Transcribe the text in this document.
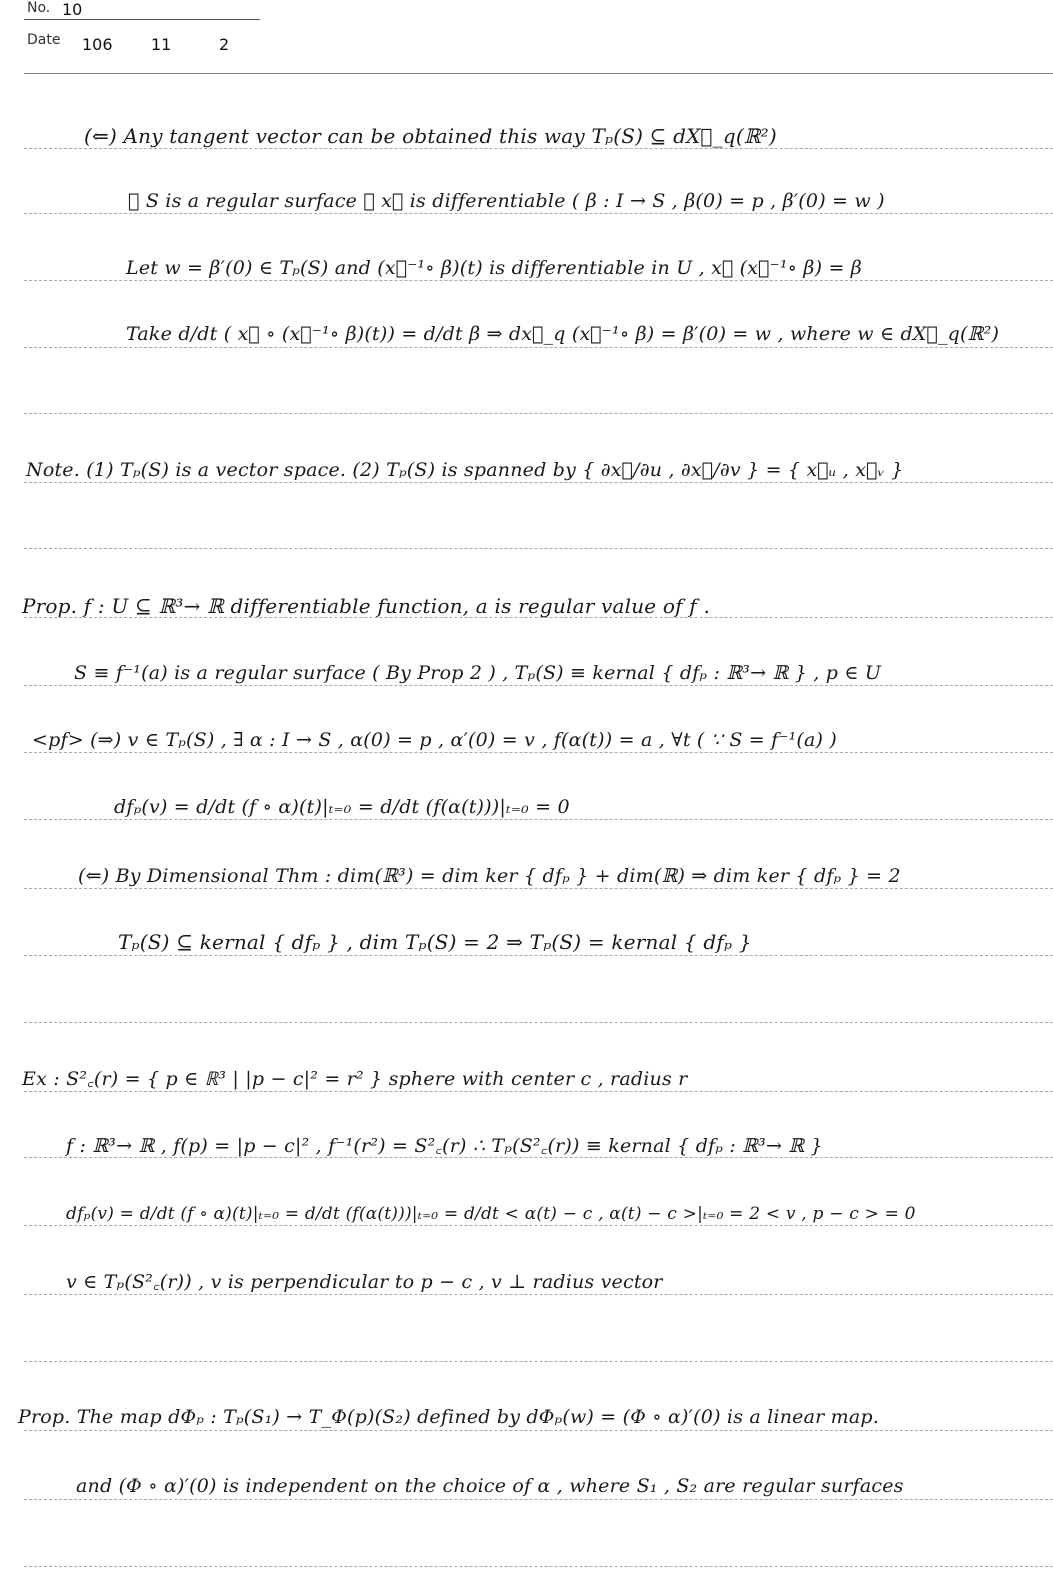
No. 10
Date 106 11	2
(⇐) Any tangent vector can be obtained this way Tₚ(S) ⊆ dX⃗_q(ℝ²)
∵ S is a regular surface ∴ x⃗ is differentiable ( β : I → S , β(0) = p , β′(0) = w )
Let w = β′(0) ∈ Tₚ(S) and (x⃗⁻¹∘ β)(t) is differentiable in U , x⃗ (x⃗⁻¹∘ β) = β
Take d/dt ( x⃗ ∘ (x⃗⁻¹∘ β)(t)) = d/dt β ⇒ dx⃗_q (x⃗⁻¹∘ β) = β′(0) = w , where w ∈ dX⃗_q(ℝ²)
Note. (1) Tₚ(S) is a vector space. (2) Tₚ(S) is spanned by { ∂x⃗/∂u , ∂x⃗/∂v } = { x⃗ᵤ , x⃗ᵥ }
Prop. f : U ⊆ ℝ³→ ℝ differentiable function, a is regular value of f .
S ≡ f⁻¹(a) is a regular surface ( By Prop 2 ) , Tₚ(S) ≡ kernal { dfₚ : ℝ³→ ℝ } , p ∈ U
<pf> (⇒) v ∈ Tₚ(S) , ∃ α : I → S , α(0) = p , α′(0) = v , f(α(t)) = a , ∀t ( ∵ S = f⁻¹(a) )
dfₚ(v) = d/dt (f ∘ α)(t)|ₜ₌₀ = d/dt (f(α(t)))|ₜ₌₀ = 0
(⇐) By Dimensional Thm : dim(ℝ³) = dim ker { dfₚ } + dim(ℝ) ⇒ dim ker { dfₚ } = 2
Tₚ(S) ⊆ kernal { dfₚ } , dim Tₚ(S) = 2 ⇒ Tₚ(S) = kernal { dfₚ }
Ex : S²꜀(r) = { p ∈ ℝ³ | |p − c|² = r² } sphere with center c , radius r
f : ℝ³→ ℝ , f(p) = |p − c|² , f⁻¹(r²) = S²꜀(r) ∴ Tₚ(S²꜀(r)) ≡ kernal { dfₚ : ℝ³→ ℝ }
dfₚ(v) = d/dt (f ∘ α)(t)|ₜ₌₀ = d/dt (f(α(t)))|ₜ₌₀ = d/dt < α(t) − c , α(t) − c >|ₜ₌₀ = 2 < v , p − c > = 0
v ∈ Tₚ(S²꜀(r)) , v is perpendicular to p − c , v ⊥ radius vector
Prop. The map dΦₚ : Tₚ(S₁) → T_Φ(p)(S₂) defined by dΦₚ(w) = (Φ ∘ α)′(0) is a linear map.
and (Φ ∘ α)′(0) is independent on the choice of α , where S₁ , S₂ are regular surfaces
